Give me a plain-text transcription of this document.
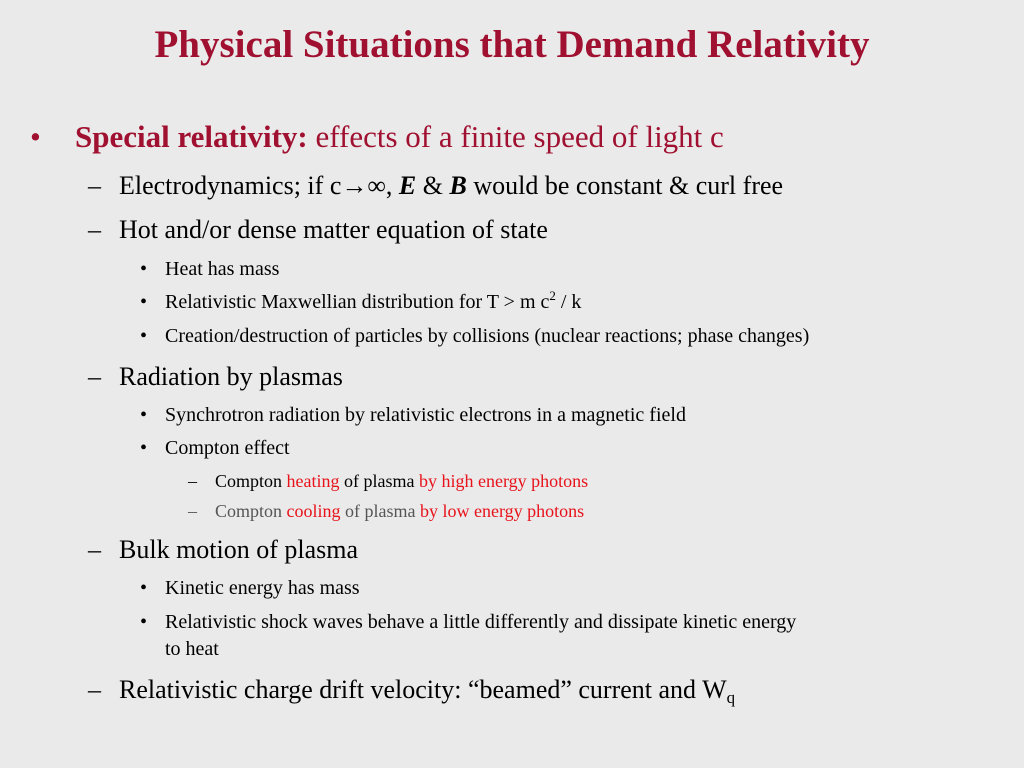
Physical Situations that Demand Relativity
• Special relativity: effects of a finite speed of light c
– Electrodynamics; if c→∞, E & B would be constant & curl free
– Hot and/or dense matter equation of state
• Heat has mass
• Relativistic Maxwellian distribution for T > m $c^2$ / k
• Creation/destruction of particles by collisions (nuclear reactions; phase changes)
– Radiation by plasmas
• Synchrotron radiation by relativistic electrons in a magnetic field
• Compton effect
– Compton heating of plasma by high energy photons
– Compton cooling of plasma by low energy photons
– Bulk motion of plasma
• Kinetic energy has mass
• Relativistic shock waves behave a little differently and dissipate kinetic energy
to heat
– Relativistic charge drift velocity: “beamed” current and $W_q$
